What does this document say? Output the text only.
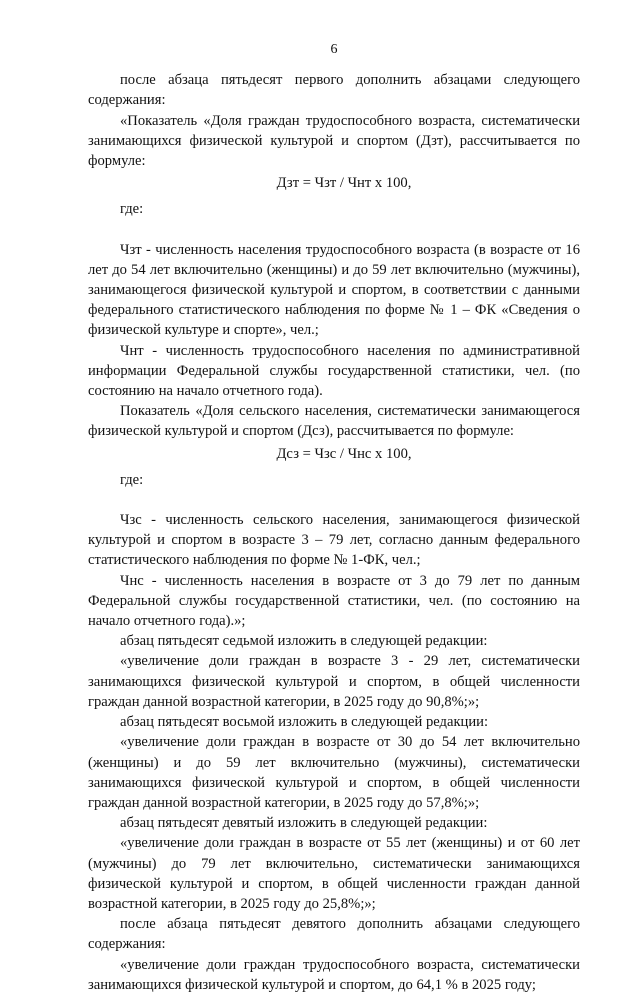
6

после абзаца пятьдесят первого дополнить абзацами следующего содержания:

«Показатель «Доля граждан трудоспособного возраста, систематически занимающихся физической культурой и спортом (Дзт), рассчитывается по формуле:

Дзт = Чзт / Чнт х 100,

где:

Чзт - численность населения трудоспособного возраста (в возрасте от 16 лет до 54 лет включительно (женщины) и до 59 лет включительно (мужчины), занимающегося физической культурой и спортом, в соответствии с данными федерального статистического наблюдения по форме № 1 – ФК «Сведения о физической культуре и спорте», чел.;

Чнт - численность трудоспособного населения по административной информации Федеральной службы государственной статистики, чел. (по состоянию на начало отчетного года).

Показатель «Доля сельского населения, систематически занимающегося физической культурой и спортом (Дсз), рассчитывается по формуле:

Дсз = Чзс / Чнс х 100,

где:

Чзс - численность сельского населения, занимающегося физической культурой и спортом в возрасте 3 – 79 лет, согласно данным федерального статистического наблюдения по форме № 1-ФК, чел.;

Чнс - численность населения в возрасте от 3 до 79 лет по данным Федеральной службы государственной статистики, чел. (по состоянию на начало отчетного года).»;

абзац пятьдесят седьмой изложить в следующей редакции:

«увеличение доли граждан в возрасте 3 - 29 лет, систематически занимающихся физической культурой и спортом, в общей численности граждан данной возрастной категории, в 2025 году до 90,8%;»;

абзац пятьдесят восьмой изложить в следующей редакции:

«увеличение доли граждан в возрасте от 30 до 54 лет включительно (женщины) и до 59 лет включительно (мужчины), систематически занимающихся физической культурой и спортом, в общей численности граждан данной возрастной категории, в 2025 году до 57,8%;»;

абзац пятьдесят девятый изложить в следующей редакции:

«увеличение доли граждан в возрасте от 55 лет (женщины) и от 60 лет (мужчины) до 79 лет включительно, систематически занимающихся физической культурой и спортом, в общей численности граждан данной возрастной категории, в 2025 году до 25,8%;»;

после абзаца пятьдесят девятого дополнить абзацами следующего содержания:

«увеличение доли граждан трудоспособного возраста, систематически занимающихся физической культурой и спортом, до 64,1 % в 2025 году;
